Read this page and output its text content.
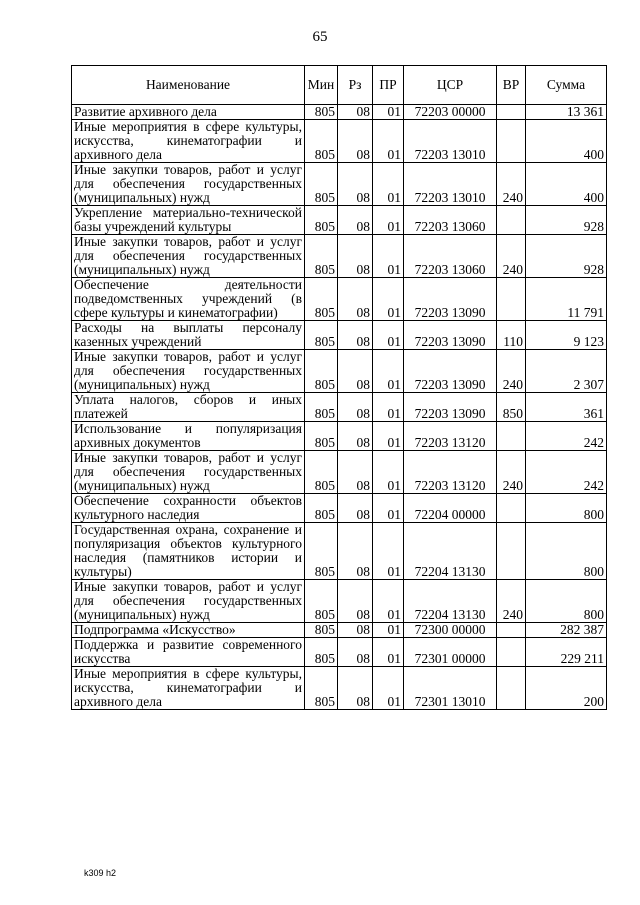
65
Наименование	Мин	Рз	ПР	ЦСР	ВР	Сумма
Развитие архивного дела	805	08	01	72203 00000		13 361
Иные мероприятия в сфере культуры, искусства, кинематографии и архивного дела	805	08	01	72203 13010		400
Иные закупки товаров, работ и услуг для обеспечения государственных (муниципальных) нужд	805	08	01	72203 13010	240	400
Укрепление материально-технической базы учреждений культуры	805	08	01	72203 13060		928
Иные закупки товаров, работ и услуг для обеспечения государственных (муниципальных) нужд	805	08	01	72203 13060	240	928
Обеспечение деятельности подведомственных учреждений (в сфере культуры и кинематографии)	805	08	01	72203 13090		11 791
Расходы на выплаты персоналу казенных учреждений	805	08	01	72203 13090	110	9 123
Иные закупки товаров, работ и услуг для обеспечения государственных (муниципальных) нужд	805	08	01	72203 13090	240	2 307
Уплата налогов, сборов и иных платежей	805	08	01	72203 13090	850	361
Использование и популяризация архивных документов	805	08	01	72203 13120		242
Иные закупки товаров, работ и услуг для обеспечения государственных (муниципальных) нужд	805	08	01	72203 13120	240	242
Обеспечение сохранности объектов культурного наследия	805	08	01	72204 00000		800
Государственная охрана, сохранение и популяризация объектов культурного наследия (памятников истории и культуры)	805	08	01	72204 13130		800
Иные закупки товаров, работ и услуг для обеспечения государственных (муниципальных) нужд	805	08	01	72204 13130	240	800
Подпрограмма «Искусство»	805	08	01	72300 00000		282 387
Поддержка и развитие современного искусства	805	08	01	72301 00000		229 211
Иные мероприятия в сфере культуры, искусства, кинематографии и архивного дела	805	08	01	72301 13010		200
k309 h2
